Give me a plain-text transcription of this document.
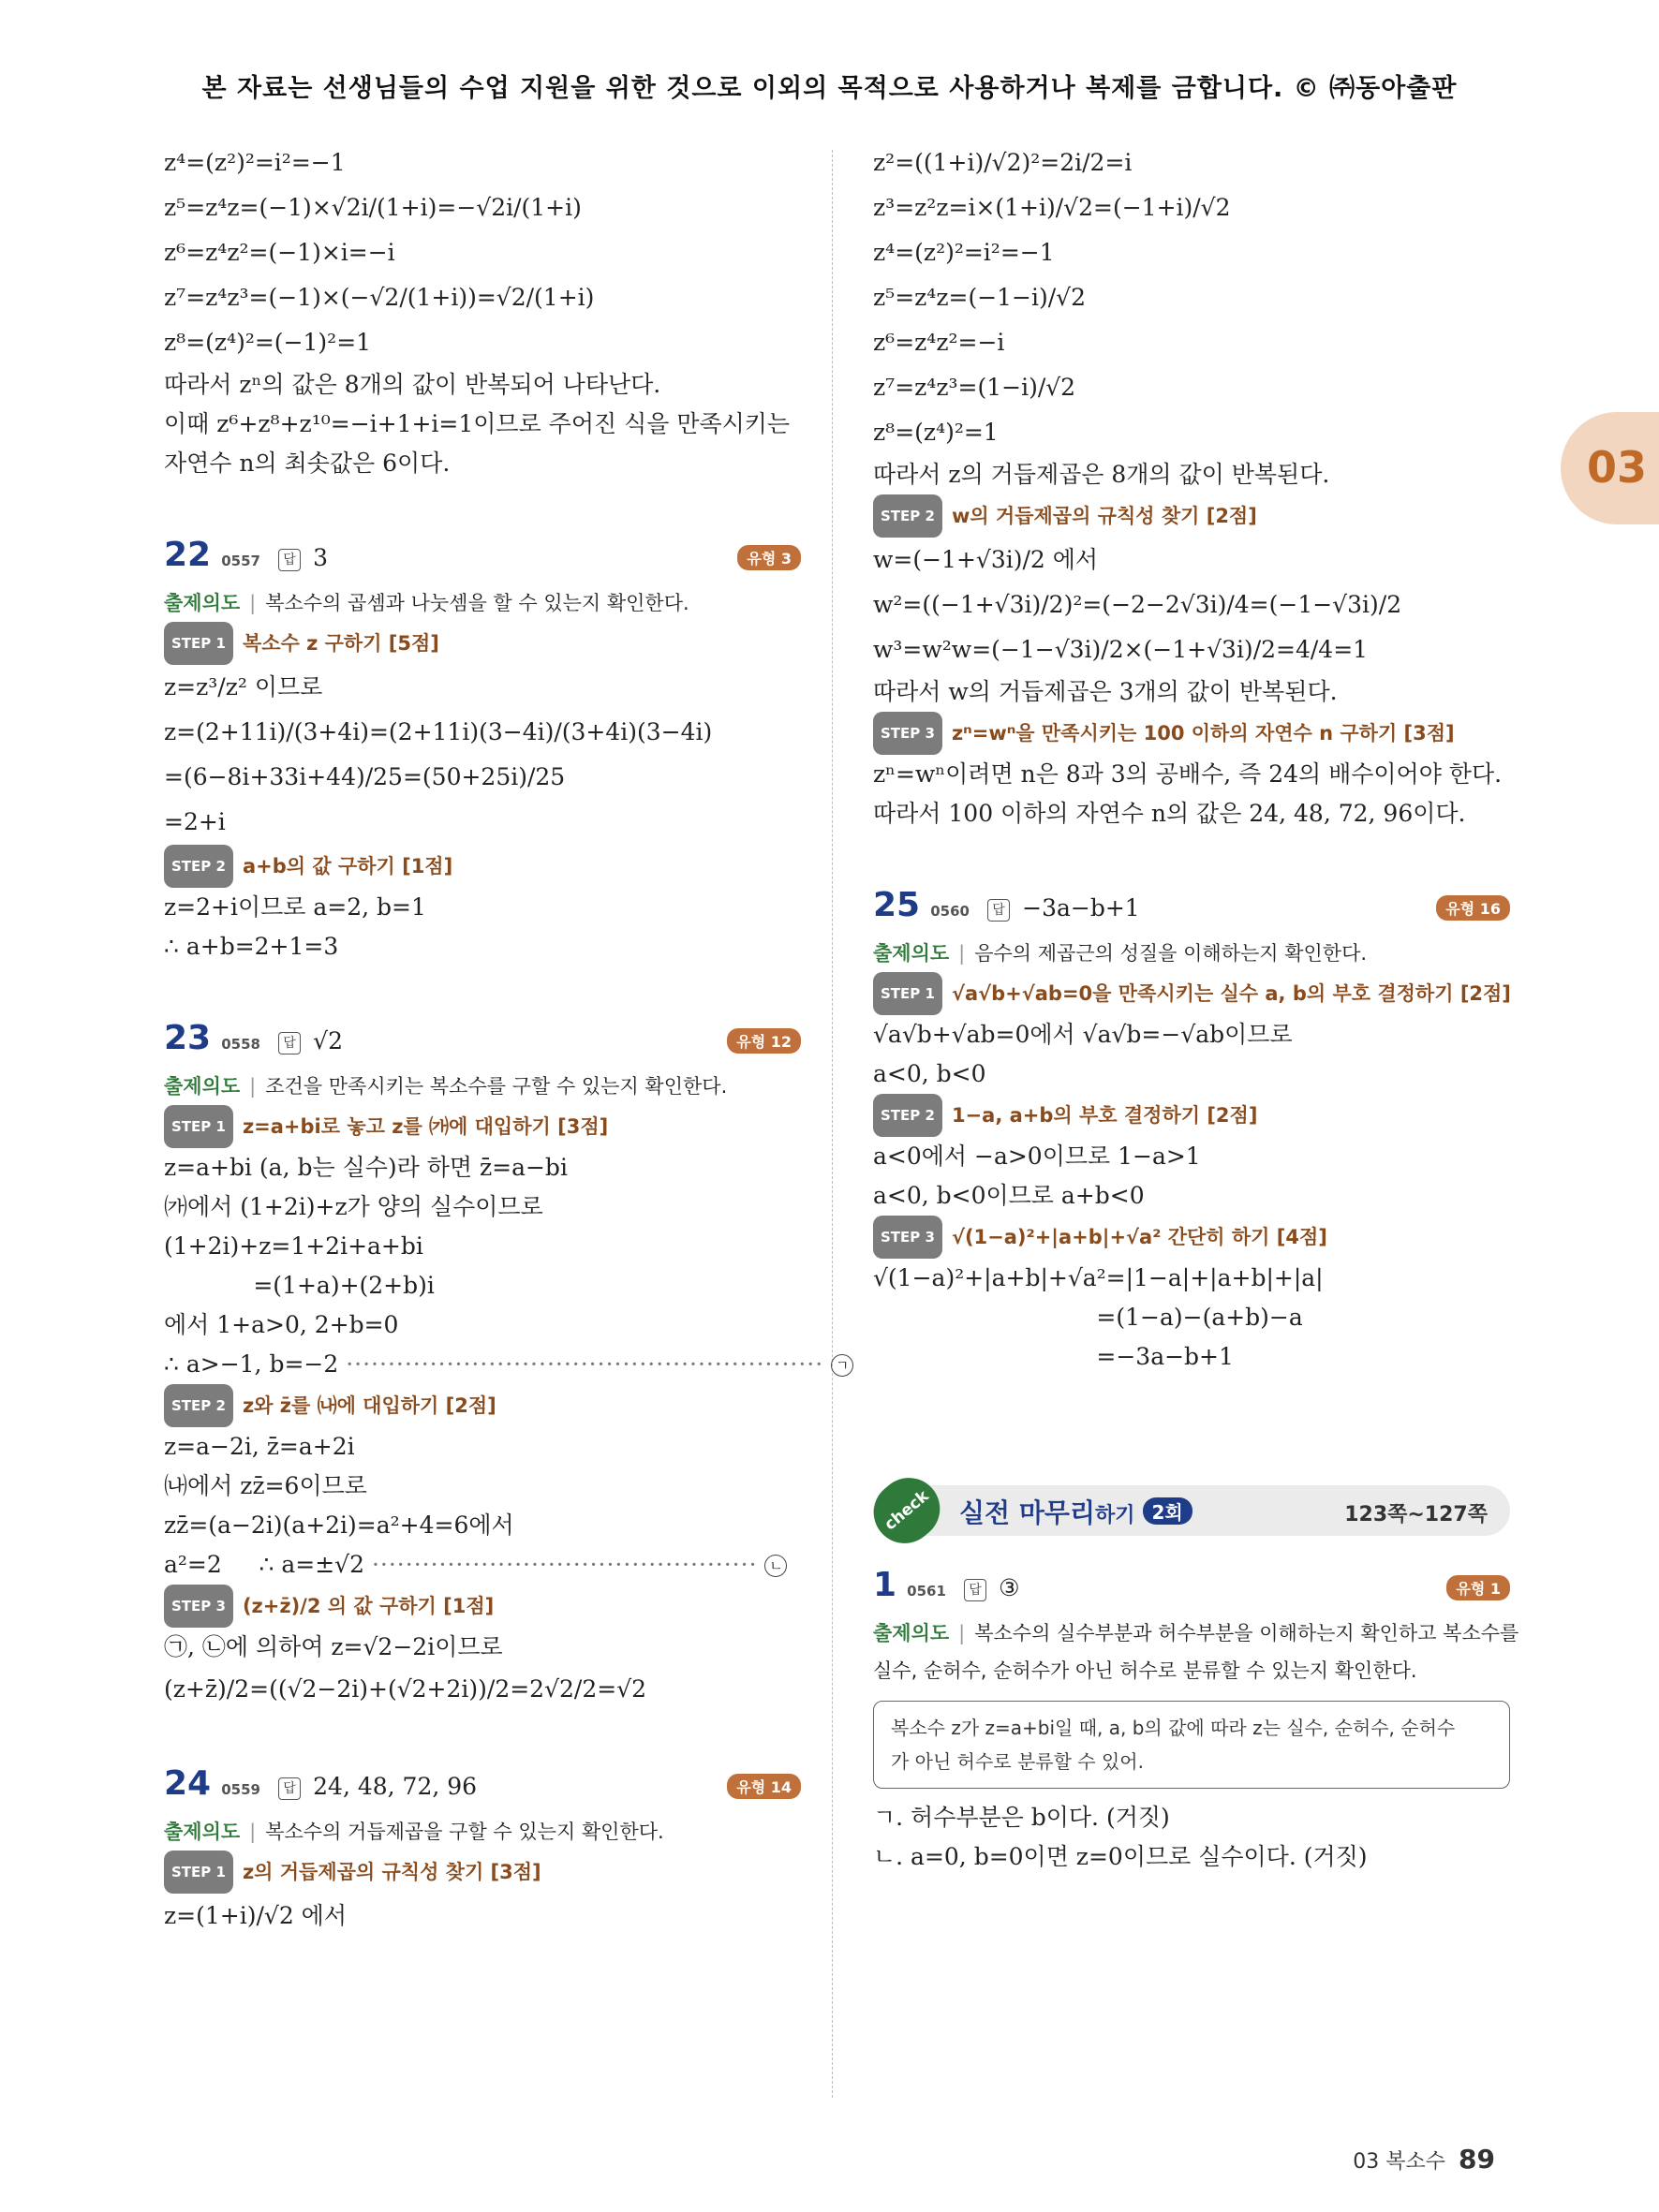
본 자료는 선생님들의 수업 지원을 위한 것으로 이외의 목적으로 사용하거나 복제를 금합니다. © ㈜동아출판
03
z⁴=(z²)²=i²=−1
z⁵=z⁴z=(−1)×√2i/(1+i)=−√2i/(1+i)
z⁶=z⁴z²=(−1)×i=−i
z⁷=z⁴z³=(−1)×(−√2/(1+i))=√2/(1+i)
z⁸=(z⁴)²=(−1)²=1
따라서 zⁿ의 값은 8개의 값이 반복되어 나타난다.
이때 z⁶+z⁸+z¹⁰=−i+1+i=1이므로 주어진 식을 만족시키는
자연수 n의 최솟값은 6이다.
22 0557 답 3	유형 3
출제의도 | 복소수의 곱셈과 나눗셈을 할 수 있는지 확인한다.
STEP 1 복소수 z 구하기 [5점]
z=z³/z² 이므로
z=(2+11i)/(3+4i)=(2+11i)(3−4i)/(3+4i)(3−4i)
=(6−8i+33i+44)/25=(50+25i)/25
=2+i
STEP 2 a+b의 값 구하기 [1점]
z=2+i이므로 a=2, b=1
∴ a+b=2+1=3
23 0558 답 √2	유형 12
출제의도 | 조건을 만족시키는 복소수를 구할 수 있는지 확인한다.
STEP 1 z=a+bi로 놓고 z를 ㈎에 대입하기 [3점]
z=a+bi (a, b는 실수)라 하면 z̄=a−bi
㈎에서 (1+2i)+z가 양의 실수이므로
(1+2i)+z=1+2i+a+bi
=(1+a)+(2+b)i
에서 1+a>0, 2+b=0
∴ a>−1, b=−2 ························································· ㄱ
STEP 2 z와 z̄를 ㈏에 대입하기 [2점]
z=a−2i, z̄=a+2i
㈏에서 zz̄=6이므로
zz̄=(a−2i)(a+2i)=a²+4=6에서
a²=2     ∴ a=±√2 ·············································· ㄴ
STEP 3 (z+z̄)/2 의 값 구하기 [1점]
㉠, ㉡에 의하여 z=√2−2i이므로
(z+z̄)/2=((√2−2i)+(√2+2i))/2=2√2/2=√2
24 0559 답 24, 48, 72, 96	유형 14
출제의도 | 복소수의 거듭제곱을 구할 수 있는지 확인한다.
STEP 1 z의 거듭제곱의 규칙성 찾기 [3점]
z=(1+i)/√2 에서
z²=((1+i)/√2)²=2i/2=i
z³=z²z=i×(1+i)/√2=(−1+i)/√2
z⁴=(z²)²=i²=−1
z⁵=z⁴z=(−1−i)/√2
z⁶=z⁴z²=−i
z⁷=z⁴z³=(1−i)/√2
z⁸=(z⁴)²=1
따라서 z의 거듭제곱은 8개의 값이 반복된다.
STEP 2 w의 거듭제곱의 규칙성 찾기 [2점]
w=(−1+√3i)/2 에서
w²=((−1+√3i)/2)²=(−2−2√3i)/4=(−1−√3i)/2
w³=w²w=(−1−√3i)/2×(−1+√3i)/2=4/4=1
따라서 w의 거듭제곱은 3개의 값이 반복된다.
STEP 3 zⁿ=wⁿ을 만족시키는 100 이하의 자연수 n 구하기 [3점]
zⁿ=wⁿ이려면 n은 8과 3의 공배수, 즉 24의 배수이어야 한다.
따라서 100 이하의 자연수 n의 값은 24, 48, 72, 96이다.
25 0560 답 −3a−b+1	유형 16
출제의도 | 음수의 제곱근의 성질을 이해하는지 확인한다.
STEP 1 √a√b+√ab=0을 만족시키는 실수 a, b의 부호 결정하기 [2점]
√a√b+√ab=0에서 √a√b=−√ab이므로
a<0, b<0
STEP 2 1−a, a+b의 부호 결정하기 [2점]
a<0에서 −a>0이므로 1−a>1
a<0, b<0이므로 a+b<0
STEP 3 √(1−a)²+|a+b|+√a² 간단히 하기 [4점]
√(1−a)²+|a+b|+√a²=|1−a|+|a+b|+|a|
=(1−a)−(a+b)−a
=−3a−b+1
check	실전 마무리하기 2회	123쪽~127쪽
1 0561 답 ③	유형 1
출제의도 | 복소수의 실수부분과 허수부분을 이해하는지 확인하고 복소수를
실수, 순허수, 순허수가 아닌 허수로 분류할 수 있는지 확인한다.
복소수 z가 z=a+bi일 때, a, b의 값에 따라 z는 실수, 순허수, 순허수
가 아닌 허수로 분류할 수 있어.
ㄱ. 허수부분은 b이다. (거짓)
ㄴ. a=0, b=0이면 z=0이므로 실수이다. (거짓)
03 복소수 89
